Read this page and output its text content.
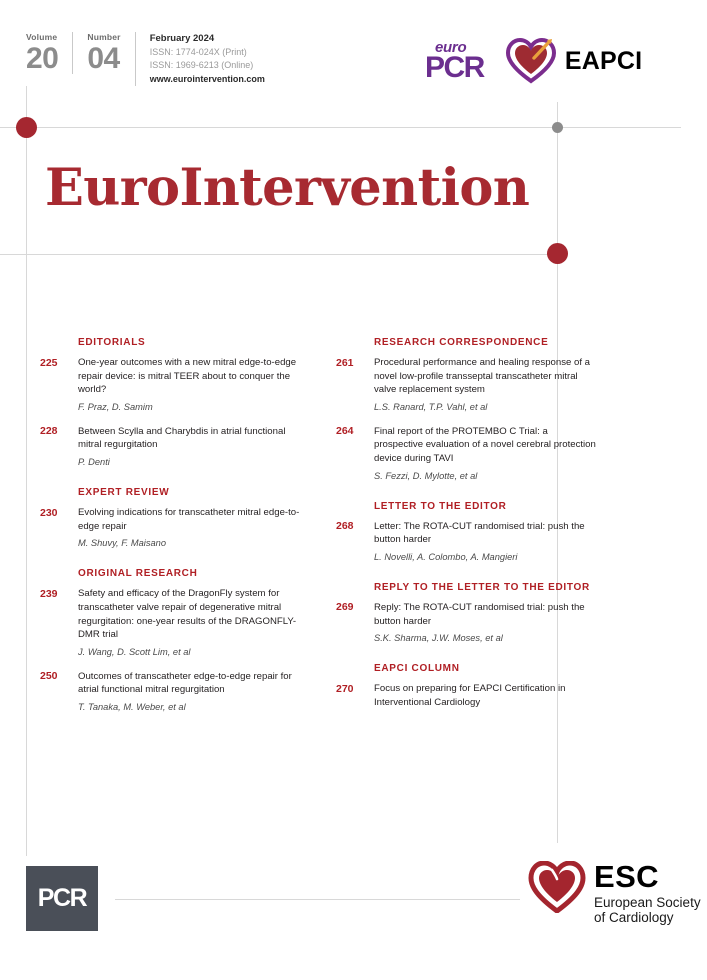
Volume
20
Number
04
February 2024
ISSN: 1774-024X (Print)
ISSN: 1969-6213 (Online)
www.eurointervention.com
euro
PCR	EAPCI
EuroIntervention
EDITORIALS
225	One-year outcomes with a new mitral edge-to-edge repair device: is mitral TEER about to conquer the world?
F. Praz, D. Samim
228	Between Scylla and Charybdis in atrial functional mitral regurgitation
P. Denti
EXPERT REVIEW
230	Evolving indications for transcatheter mitral edge-to-edge repair
M. Shuvy, F. Maisano
ORIGINAL RESEARCH
239	Safety and efficacy of the DragonFly system for transcatheter valve repair of degenerative mitral regurgitation: one-year results of the DRAGONFLY-DMR trial
J. Wang, D. Scott Lim, et al
250	Outcomes of transcatheter edge-to-edge repair for atrial functional mitral regurgitation
T. Tanaka, M. Weber, et al
RESEARCH CORRESPONDENCE
261	Procedural performance and healing response of a novel low-profile transseptal transcatheter mitral valve replacement system
L.S. Ranard, T.P. Vahl, et al
264	Final report of the PROTEMBO C Trial: a prospective evaluation of a novel cerebral protection device during TAVI
S. Fezzi, D. Mylotte, et al
LETTER TO THE EDITOR
268	Letter: The ROTA-CUT randomised trial: push the button harder
L. Novelli, A. Colombo, A. Mangieri
REPLY TO THE LETTER TO THE EDITOR
269	Reply: The ROTA-CUT randomised trial: push the button harder
S.K. Sharma, J.W. Moses, et al
EAPCI COLUMN
270	Focus on preparing for EAPCI Certification in Interventional Cardiology
PCR
ESC
European Society
of Cardiology
